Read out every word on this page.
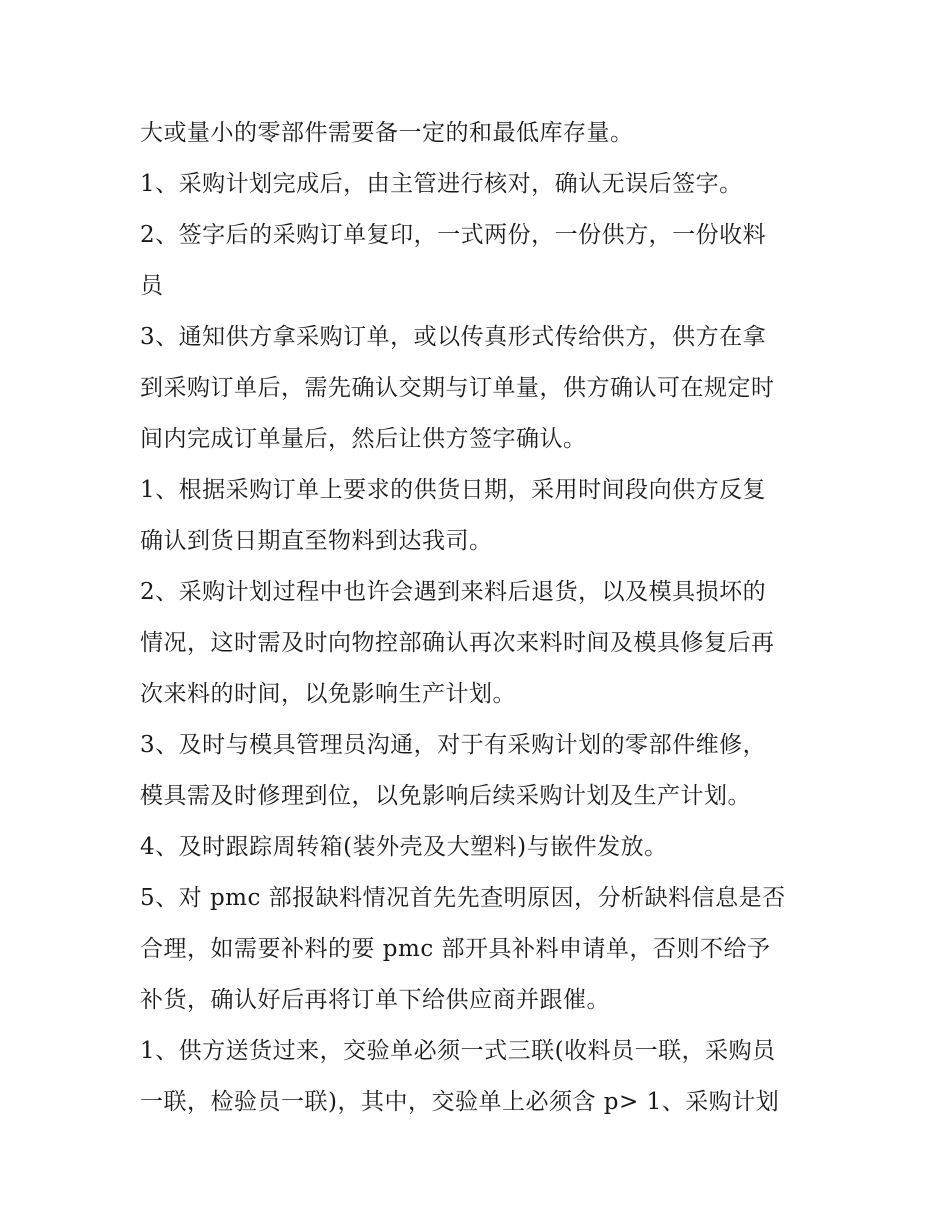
大或量小的零部件需要备一定的和最低库存量。

1、采购计划完成后，由主管进行核对，确认无误后签字。

2、签字后的采购订单复印，一式两份，一份供方，一份收料

员

3、通知供方拿采购订单，或以传真形式传给供方，供方在拿

到采购订单后，需先确认交期与订单量，供方确认可在规定时

间内完成订单量后，然后让供方签字确认。

1、根据采购订单上要求的供货日期，采用时间段向供方反复

确认到货日期直至物料到达我司。

2、采购计划过程中也许会遇到来料后退货，以及模具损坏的

情况，这时需及时向物控部确认再次来料时间及模具修复后再

次来料的时间，以免影响生产计划。

3、及时与模具管理员沟通，对于有采购计划的零部件维修，

模具需及时修理到位，以免影响后续采购计划及生产计划。

4、及时跟踪周转箱(装外壳及大塑料)与嵌件发放。

5、对 pmc 部报缺料情况首先先查明原因，分析缺料信息是否

合理，如需要补料的要 pmc 部开具补料申请单，否则不给予

补货，确认好后再将订单下给供应商并跟催。

1、供方送货过来，交验单必须一式三联(收料员一联，采购员

一联，检验员一联)，其中，交验单上必须含 p> 1、采购计划
